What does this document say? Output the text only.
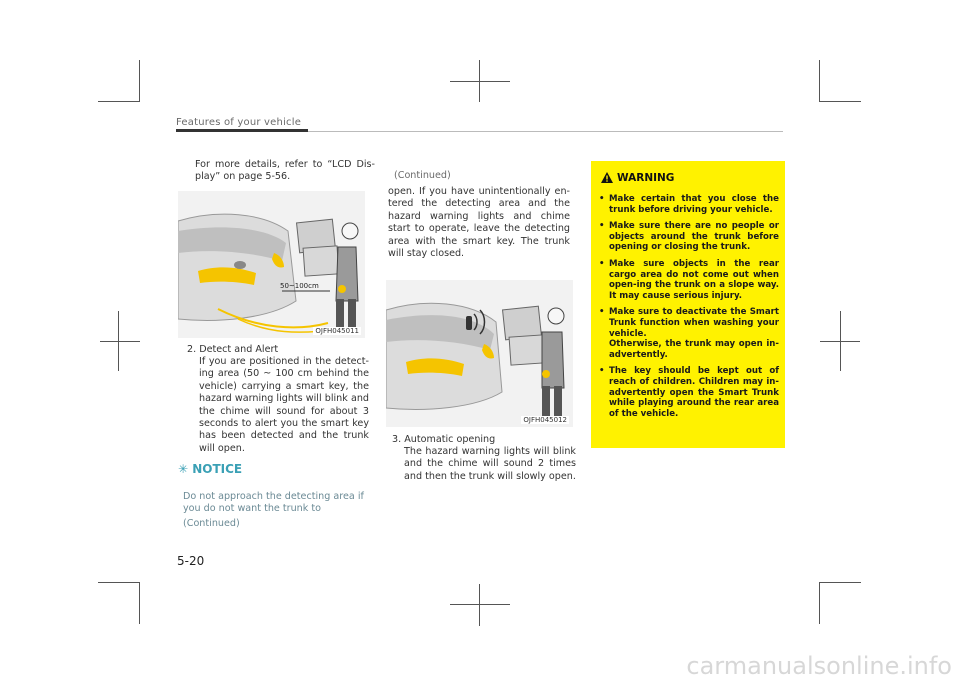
Features of your vehicle
For more details, refer to “LCD Dis-play” on page 5-56.
50~100cm
OJFH045011
2. Detect and Alert
If you are positioned in the detect-ing area (50 ~ 100 cm behind the vehicle) carrying a smart key, the hazard warning lights will blink and the chime will sound for about 3 seconds to alert you the smart key has been detected and the trunk will open.
✳ NOTICE
Do not approach the detecting area if you do not want the trunk to
(Continued)
(Continued)
open. If you have unintentionally en-tered the detecting area and the hazard warning lights and chime start to operate, leave the detecting area with the smart key. The trunk will stay closed.
OJFH045012
3. Automatic opening
The hazard warning lights will blink and the chime will sound 2 times and then the trunk will slowly open.
WARNING
• Make certain that you close the trunk before driving your vehicle.
• Make sure there are no people or objects around the trunk before opening or closing the trunk.
• Make sure objects in the rear cargo area do not come out when open-ing the trunk on a slope way. It may cause serious injury.
• Make sure to deactivate the Smart Trunk function when washing your vehicle.
Otherwise, the trunk may open in-advertently.
• The key should be kept out of reach of children. Children may in-advertently open the Smart Trunk while playing around the rear area of the vehicle.
5-20
carmanualsonline.info
